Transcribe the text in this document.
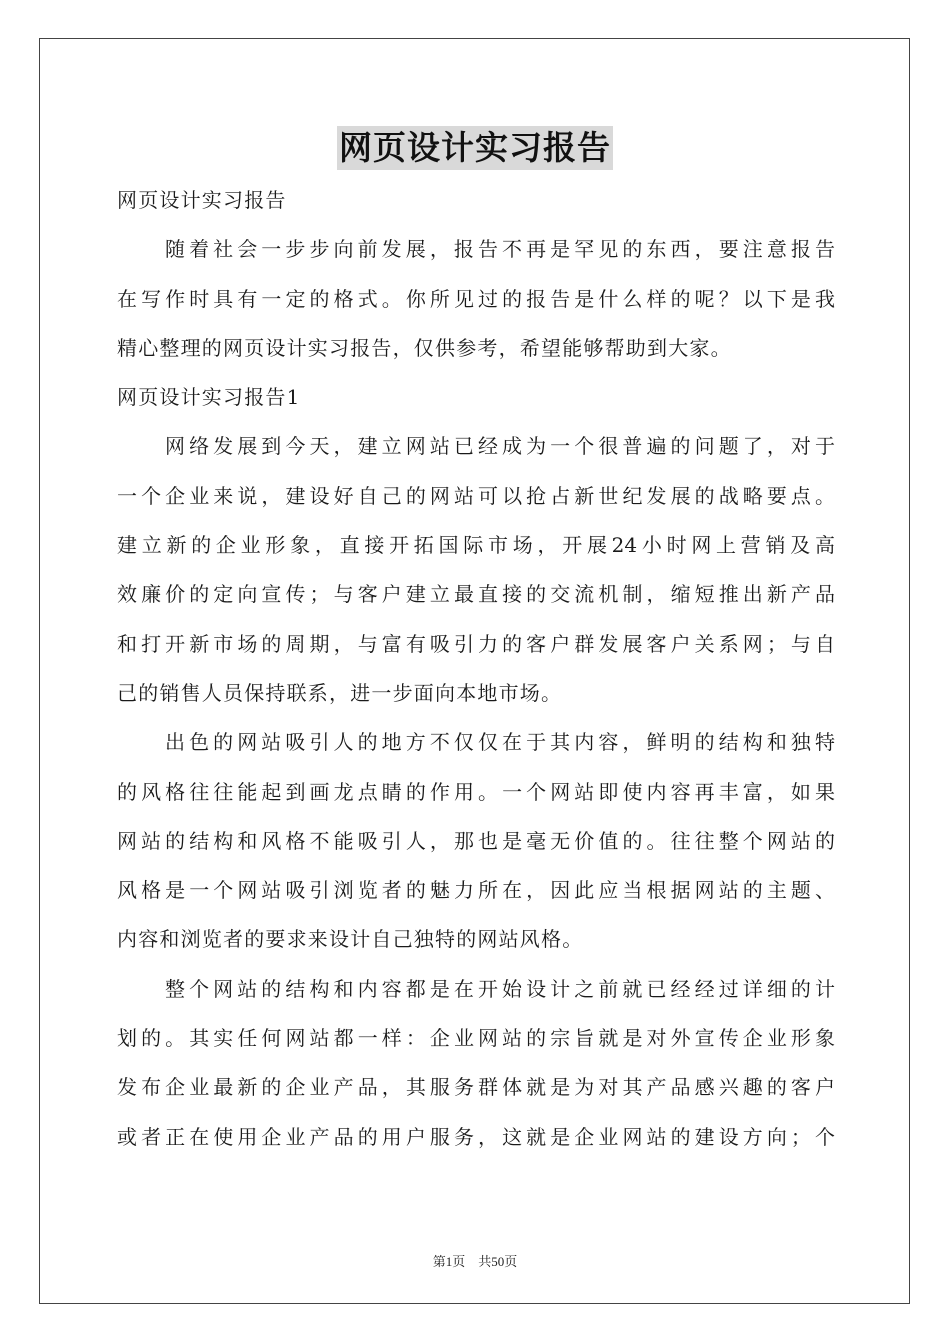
网页设计实习报告
网页设计实习报告
随着社会一步步向前发展，报告不再是罕见的东西，要注意报告
在写作时具有一定的格式。你所见过的报告是什么样的呢？以下是我
精心整理的网页设计实习报告，仅供参考，希望能够帮助到大家。
网页设计实习报告1
网络发展到今天，建立网站已经成为一个很普遍的问题了，对于
一个企业来说，建设好自己的网站可以抢占新世纪发展的战略要点。
建立新的企业形象，直接开拓国际市场，开展24小时网上营销及高
效廉价的定向宣传；与客户建立最直接的交流机制，缩短推出新产品
和打开新市场的周期，与富有吸引力的客户群发展客户关系网；与自
己的销售人员保持联系，进一步面向本地市场。
出色的网站吸引人的地方不仅仅在于其内容，鲜明的结构和独特
的风格往往能起到画龙点睛的作用。一个网站即使内容再丰富，如果
网站的结构和风格不能吸引人，那也是毫无价值的。往往整个网站的
风格是一个网站吸引浏览者的魅力所在，因此应当根据网站的主题、
内容和浏览者的要求来设计自己独特的网站风格。
整个网站的结构和内容都是在开始设计之前就已经经过详细的计
划的。其实任何网站都一样：企业网站的宗旨就是对外宣传企业形象
发布企业最新的企业产品，其服务群体就是为对其产品感兴趣的客户
或者正在使用企业产品的用户服务，这就是企业网站的建设方向；个
第1页　共50页
